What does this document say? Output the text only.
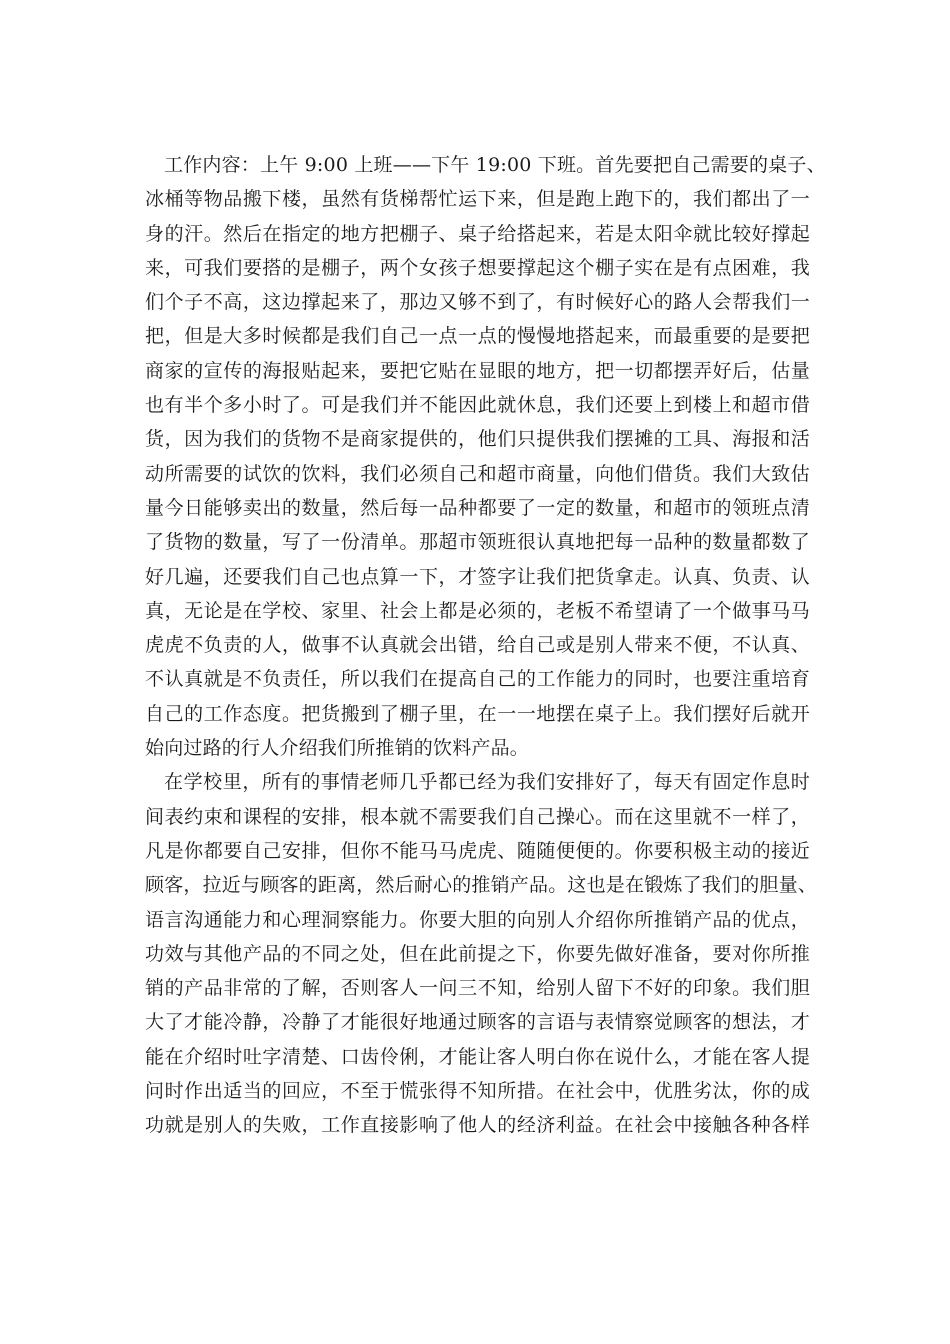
工作内容：上午 9:00 上班——下午 19:00 下班。首先要把自己需要的桌子、
冰桶等物品搬下楼，虽然有货梯帮忙运下来，但是跑上跑下的，我们都出了一
身的汗。然后在指定的地方把棚子、桌子给搭起来，若是太阳伞就比较好撑起
来，可我们要搭的是棚子，两个女孩子想要撑起这个棚子实在是有点困难，我
们个子不高，这边撑起来了，那边又够不到了，有时候好心的路人会帮我们一
把，但是大多时候都是我们自己一点一点的慢慢地搭起来，而最重要的是要把
商家的宣传的海报贴起来，要把它贴在显眼的地方，把一切都摆弄好后，估量
也有半个多小时了。可是我们并不能因此就休息，我们还要上到楼上和超市借
货，因为我们的货物不是商家提供的，他们只提供我们摆摊的工具、海报和活
动所需要的试饮的饮料，我们必须自己和超市商量，向他们借货。我们大致估
量今日能够卖出的数量，然后每一品种都要了一定的数量，和超市的领班点清
了货物的数量，写了一份清单。那超市领班很认真地把每一品种的数量都数了
好几遍，还要我们自己也点算一下，才签字让我们把货拿走。认真、负责、认
真，无论是在学校、家里、社会上都是必须的，老板不希望请了一个做事马马
虎虎不负责的人，做事不认真就会出错，给自己或是别人带来不便，不认真、
不认真就是不负责任，所以我们在提高自己的工作能力的同时，也要注重培育
自己的工作态度。把货搬到了棚子里，在一一地摆在桌子上。我们摆好后就开
始向过路的行人介绍我们所推销的饮料产品。
在学校里，所有的事情老师几乎都已经为我们安排好了，每天有固定作息时
间表约束和课程的安排，根本就不需要我们自己操心。而在这里就不一样了，
凡是你都要自己安排，但你不能马马虎虎、随随便便的。你要积极主动的接近
顾客，拉近与顾客的距离，然后耐心的推销产品。这也是在锻炼了我们的胆量、
语言沟通能力和心理洞察能力。你要大胆的向别人介绍你所推销产品的优点，
功效与其他产品的不同之处，但在此前提之下，你要先做好准备，要对你所推
销的产品非常的了解，否则客人一问三不知，给别人留下不好的印象。我们胆
大了才能冷静，冷静了才能很好地通过顾客的言语与表情察觉顾客的想法，才
能在介绍时吐字清楚、口齿伶俐，才能让客人明白你在说什么，才能在客人提
问时作出适当的回应，不至于慌张得不知所措。在社会中，优胜劣汰，你的成
功就是别人的失败，工作直接影响了他人的经济利益。在社会中接触各种各样
